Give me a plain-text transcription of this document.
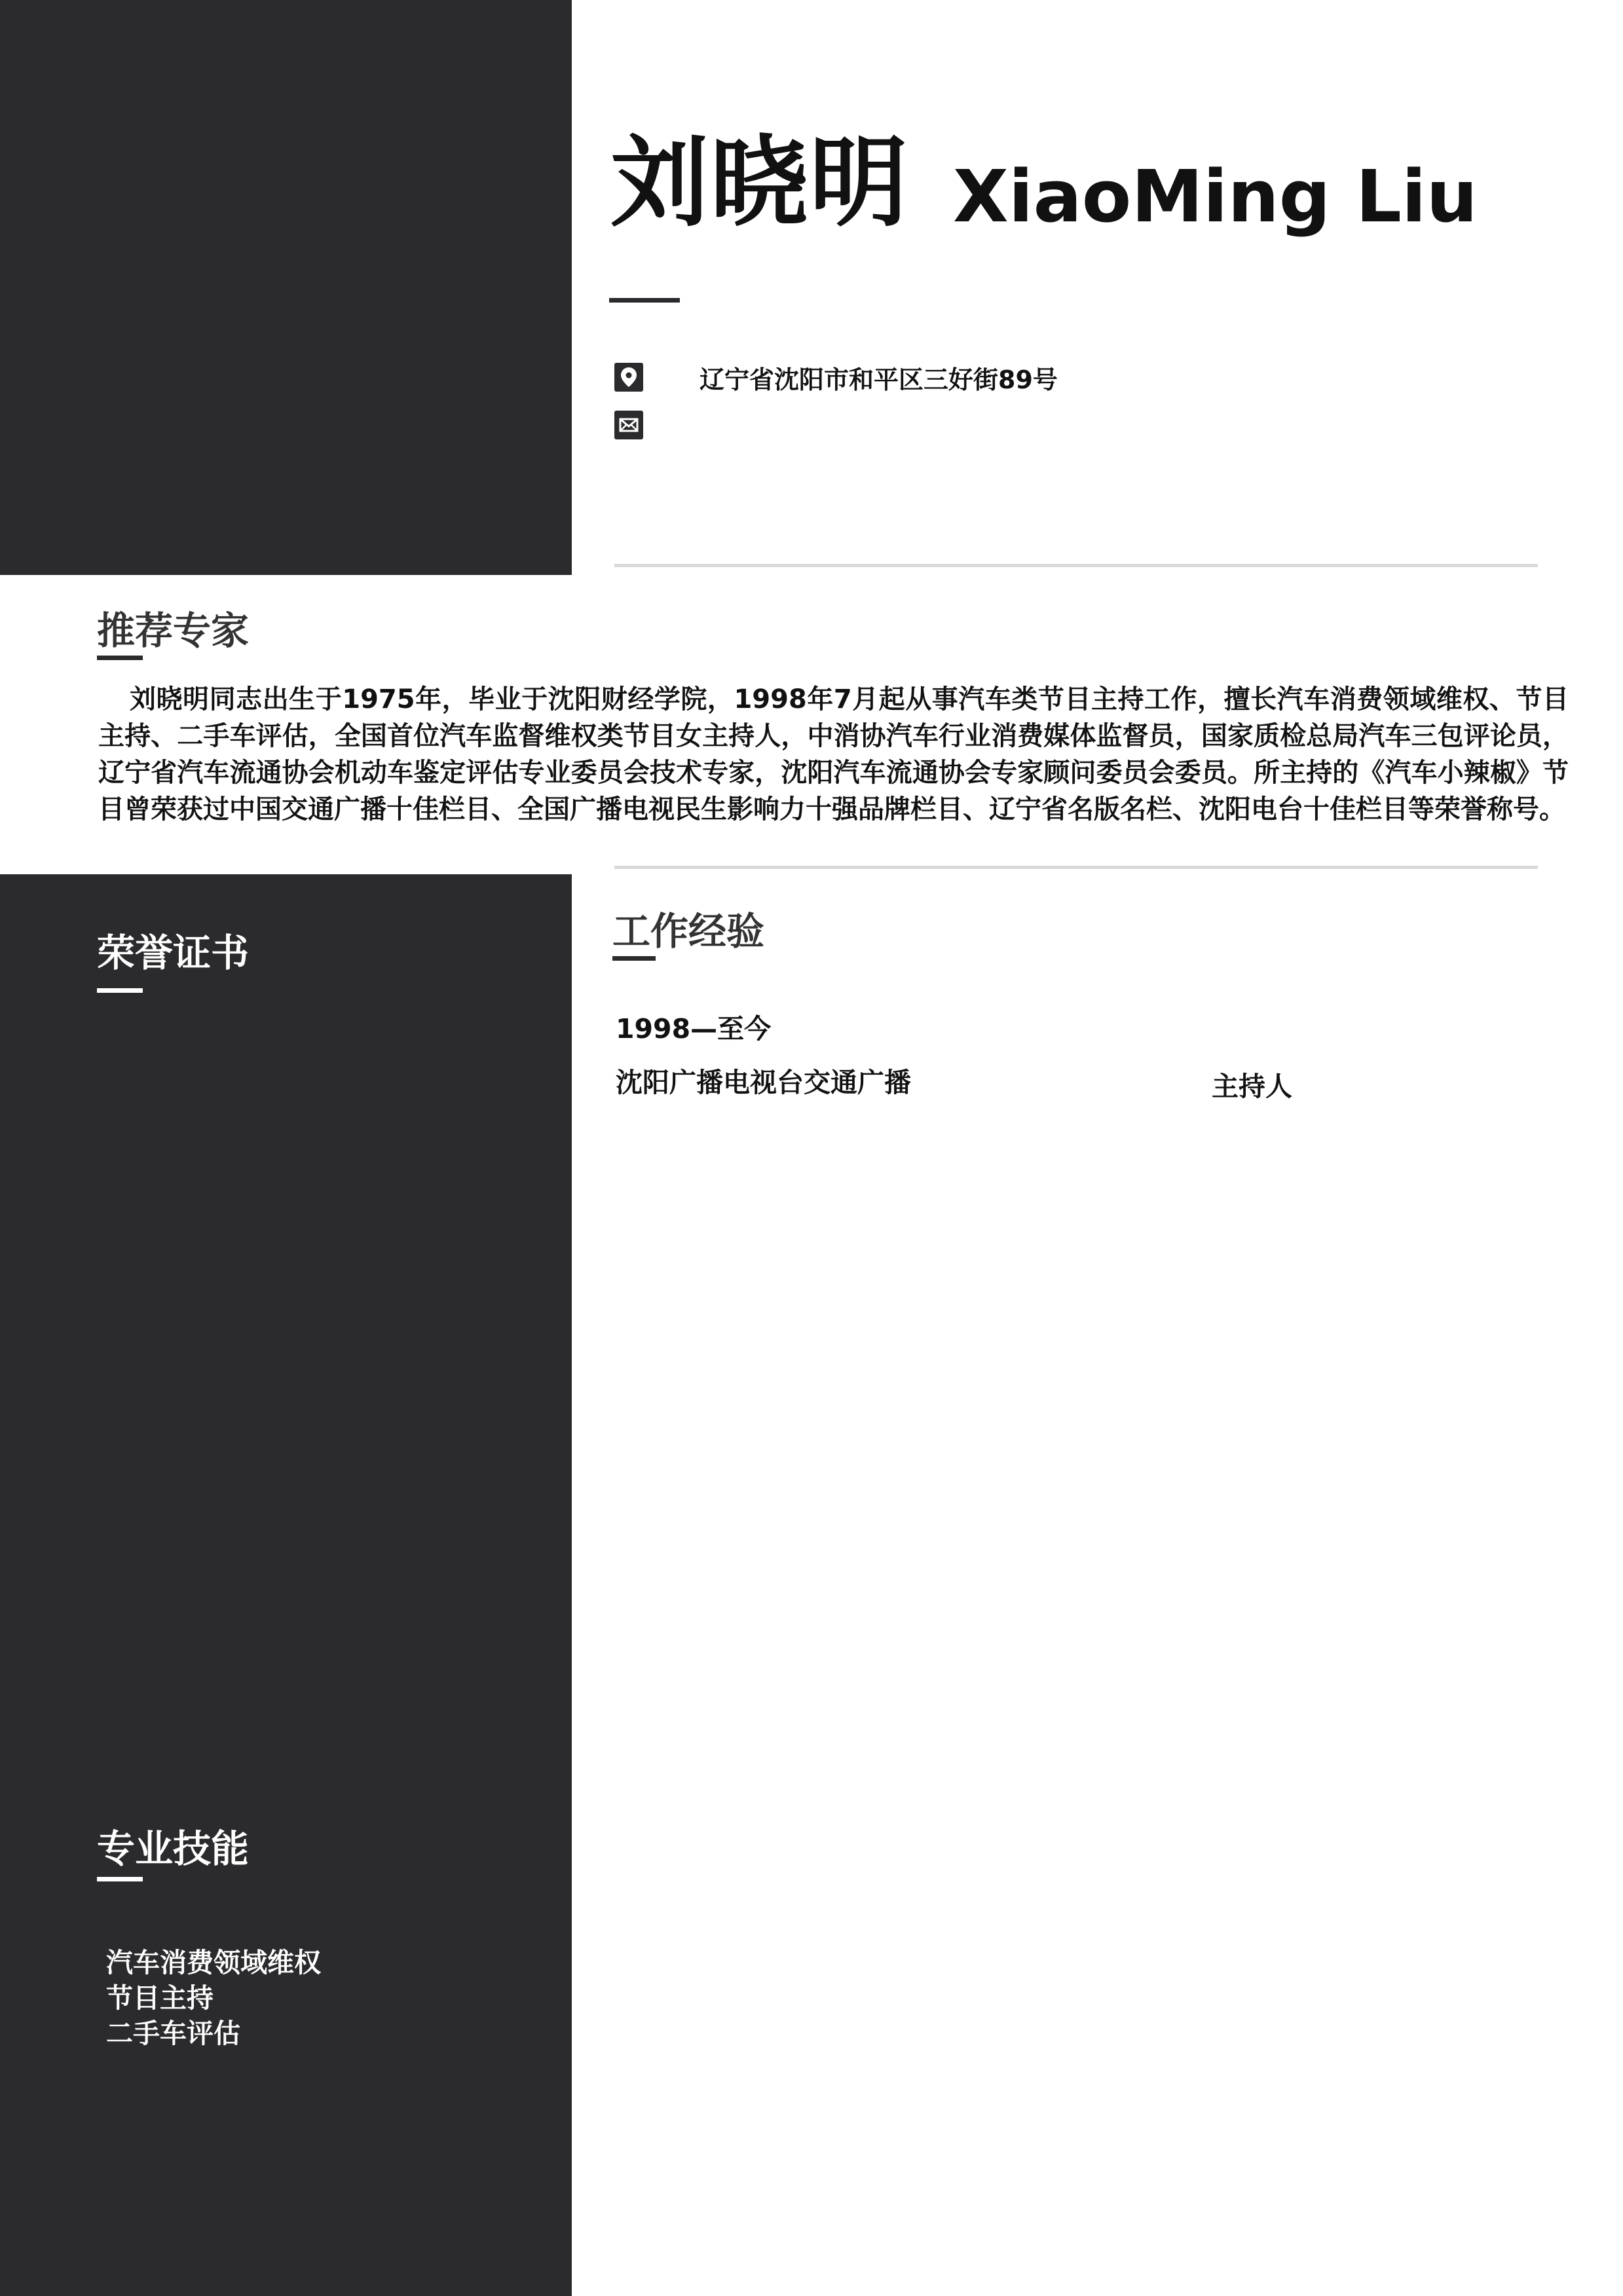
刘晓明 XiaoMing Liu
辽宁省沈阳市和平区三好街89号
推荐专家
刘晓明同志出生于1975年，毕业于沈阳财经学院，1998年7月起从事汽车类节目主持工作，擅长汽车消费领域维权、节目主持、二手车评估，全国首位汽车监督维权类节目女主持人，中消协汽车行业消费媒体监督员，国家质检总局汽车三包评论员，辽宁省汽车流通协会机动车鉴定评估专业委员会技术专家，沈阳汽车流通协会专家顾问委员会委员。所主持的《汽车小辣椒》节目曾荣获过中国交通广播十佳栏目、全国广播电视民生影响力十强品牌栏目、辽宁省名版名栏、沈阳电台十佳栏目等荣誉称号。
荣誉证书	工作经验
1998—至今
沈阳广播电视台交通广播	主持人
专业技能
汽车消费领域维权
节目主持
二手车评估
